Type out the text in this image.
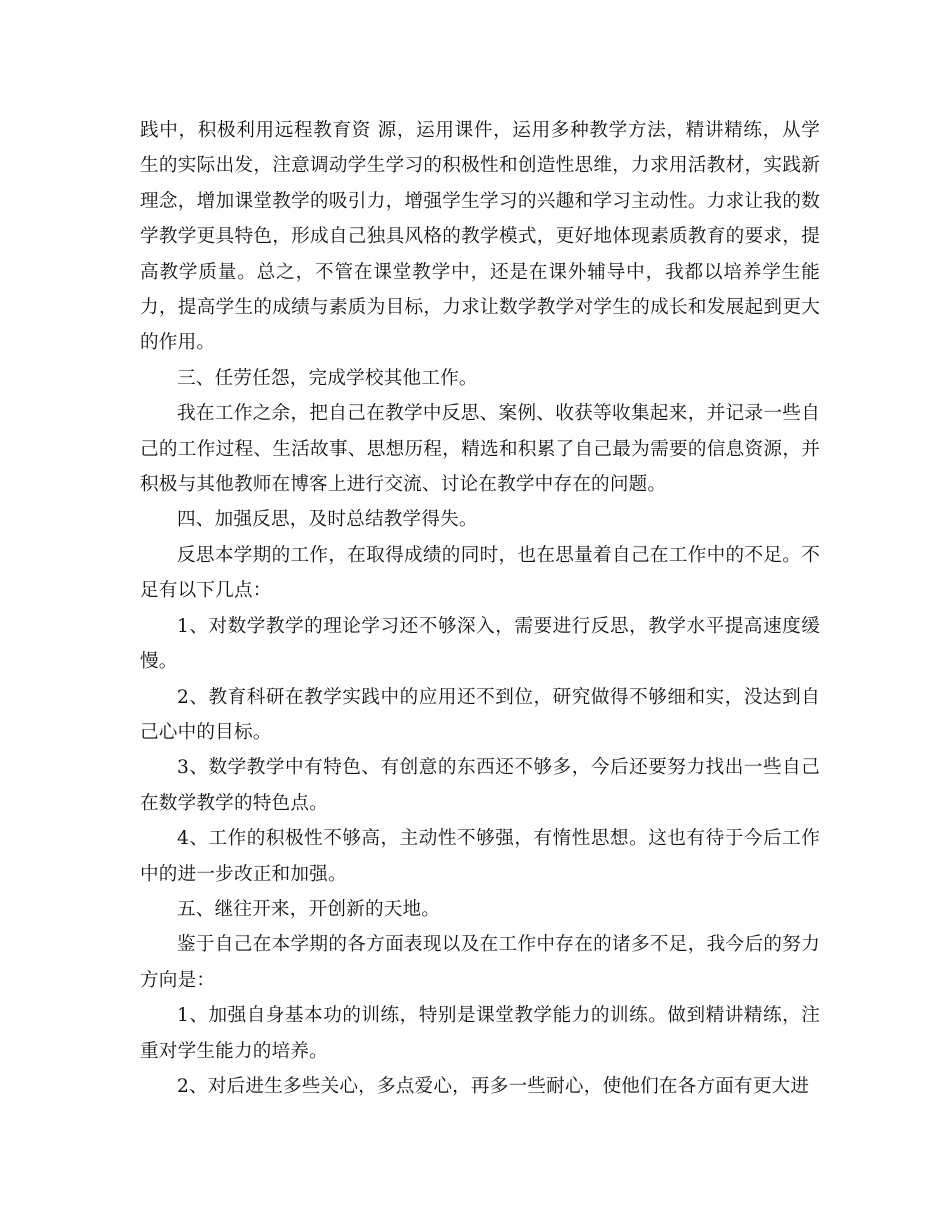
践中，积极利用远程教育资 源，运用课件，运用多种教学方法，精讲精练，从学生的实际出发，注意调动学生学习的积极性和创造性思维，力求用活教材，实践新理念，增加课堂教学的吸引力，增强学生学习的兴趣和学习主动性。力求让我的数学教学更具特色，形成自己独具风格的教学模式，更好地体现素质教育的要求，提高教学质量。总之，不管在课堂教学中，还是在课外辅导中，我都以培养学生能力，提高学生的成绩与素质为目标，力求让数学教学对学生的成长和发展起到更大的作用。

三、任劳任怨，完成学校其他工作。

我在工作之余，把自己在教学中反思、案例、收获等收集起来，并记录一些自己的工作过程、生活故事、思想历程，精选和积累了自己最为需要的信息资源，并积极与其他教师在博客上进行交流、讨论在教学中存在的问题。

四、加强反思，及时总结教学得失。

反思本学期的工作，在取得成绩的同时，也在思量着自己在工作中的不足。不足有以下几点：

1、对数学教学的理论学习还不够深入，需要进行反思，教学水平提高速度缓慢。

2、教育科研在教学实践中的应用还不到位，研究做得不够细和实，没达到自己心中的目标。

3、数学教学中有特色、有创意的东西还不够多，今后还要努力找出一些自己在数学教学的特色点。

4、工作的积极性不够高，主动性不够强，有惰性思想。这也有待于今后工作中的进一步改正和加强。

五、继往开来，开创新的天地。

鉴于自己在本学期的各方面表现以及在工作中存在的诸多不足，我今后的努力方向是：

1、加强自身基本功的训练，特别是课堂教学能力的训练。做到精讲精练，注重对学生能力的培养。

2、对后进生多些关心，多点爱心，再多一些耐心，使他们在各方面有更大进
